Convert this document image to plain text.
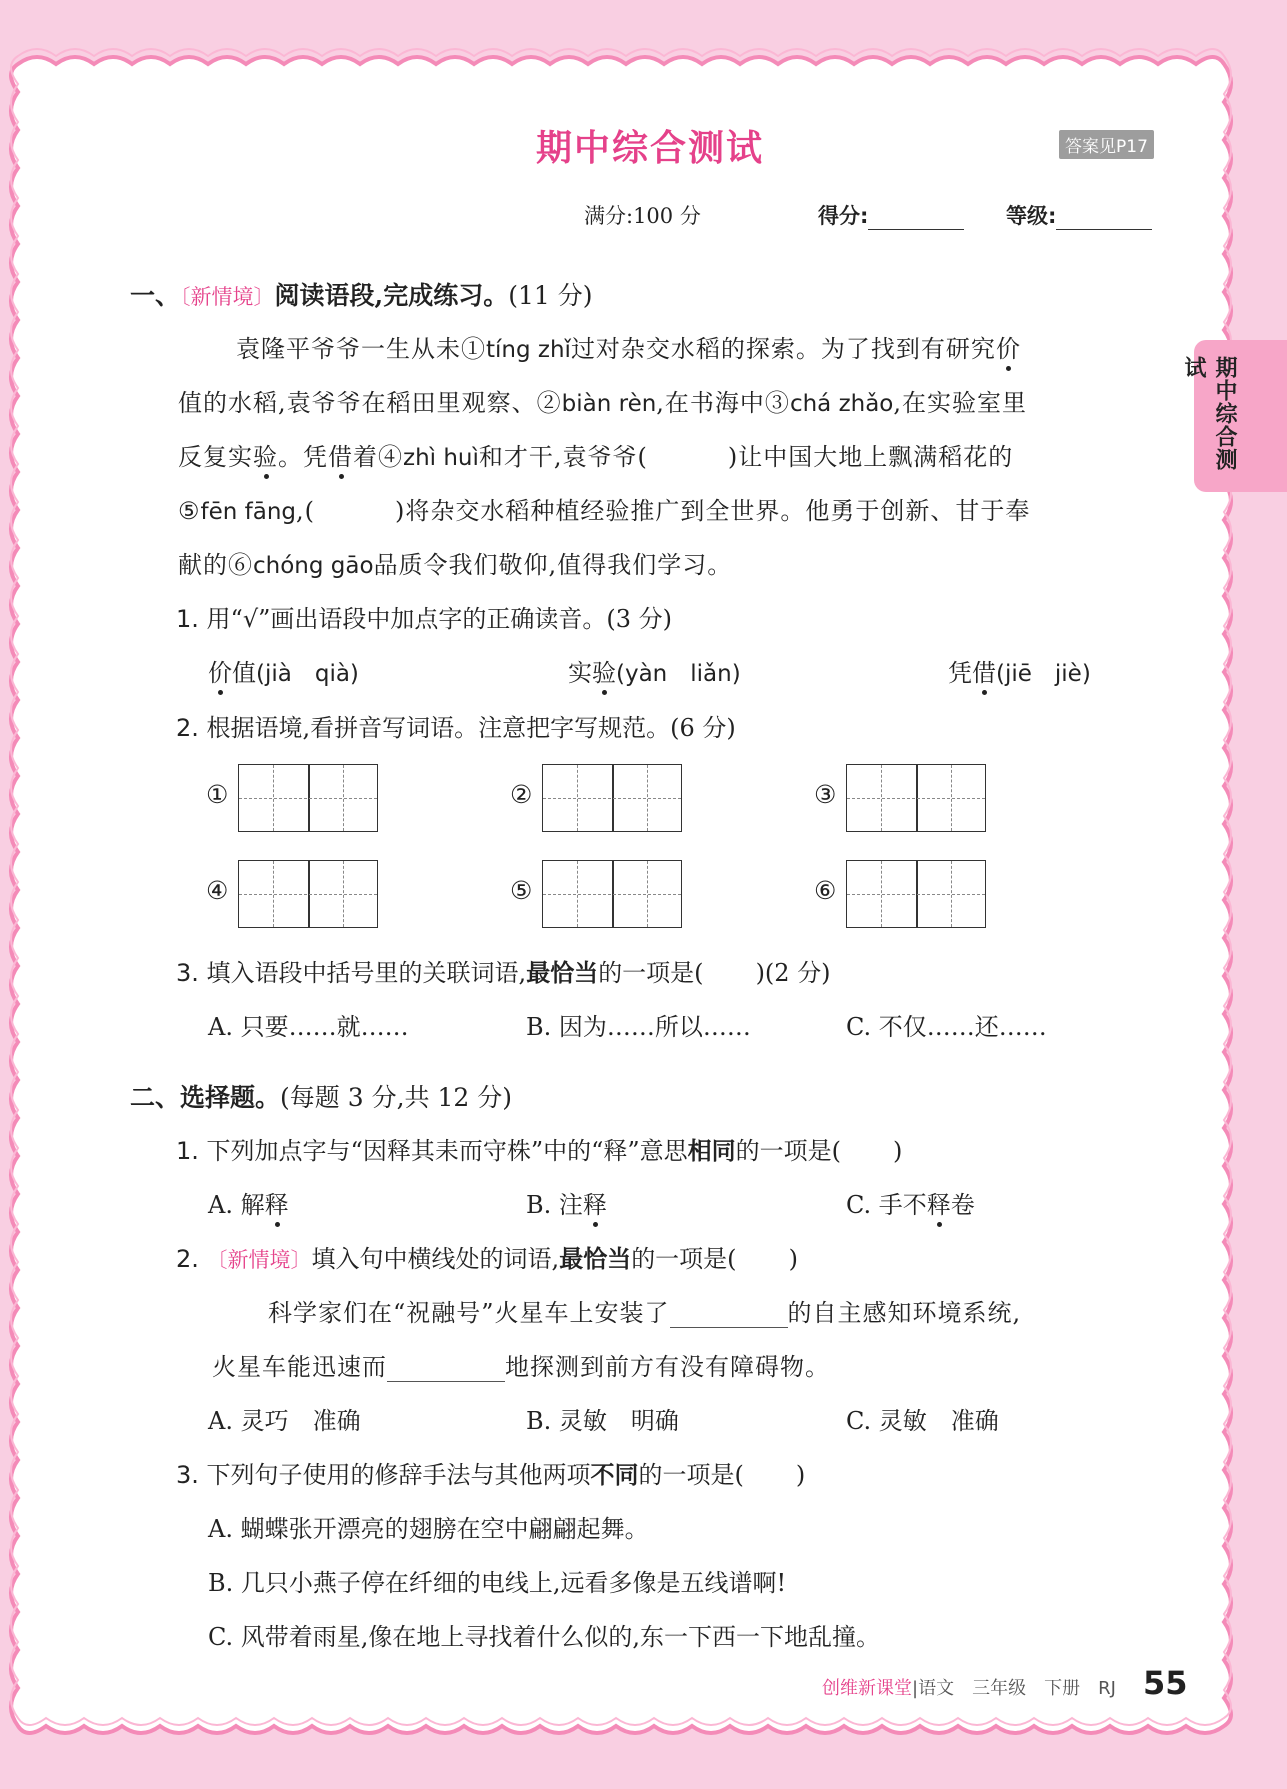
期中综合测试
期中综合测试	答案见P17
满分:100 分	得分:	等级:
一、〔新情境〕阅读语段,完成练习。(11 分)
袁隆平爷爷一生从未①tíng zhǐ过对杂交水稻的探索。为了找到有研究价
值的水稻,袁爷爷在稻田里观察、②biàn rèn,在书海中③chá zhǎo,在实验室里
反复实验。凭借着④zhì huì和才干,袁爷爷(	)让中国大地上飘满稻花的
⑤fēn fāng,(	)将杂交水稻种植经验推广到全世界。他勇于创新、甘于奉
献的⑥chóng gāo品质令我们敬仰,值得我们学习。
1. 用“√”画出语段中加点字的正确读音。(3 分)
价值(jià　qià)	实验(yàn　liǎn)	凭借(jiē　jiè)
2. 根据语境,看拼音写词语。注意把字写规范。(6 分)
①	②	③
④	⑤	⑥
3. 填入语段中括号里的关联词语,最恰当的一项是( )(2 分)
A. 只要……就……	B. 因为……所以……	C. 不仅……还……
二、选择题。(每题 3 分,共 12 分)
1. 下列加点字与“因释其耒而守株”中的“释”意思相同的一项是( )
A. 解释	B. 注释	C. 手不释卷
2. 〔新情境〕填入句中横线处的词语,最恰当的一项是( )
科学家们在“祝融号”火星车上安装了	的自主感知环境系统,
火星车能迅速而	地探测到前方有没有障碍物。
A. 灵巧　准确	B. 灵敏　明确	C. 灵敏　准确
3. 下列句子使用的修辞手法与其他两项不同的一项是( )
A. 蝴蝶张开漂亮的翅膀在空中翩翩起舞。
B. 几只小燕子停在纤细的电线上,远看多像是五线谱啊!
C. 风带着雨星,像在地上寻找着什么似的,东一下西一下地乱撞。
创维新课堂|语文　三年级　下册　RJ 55
